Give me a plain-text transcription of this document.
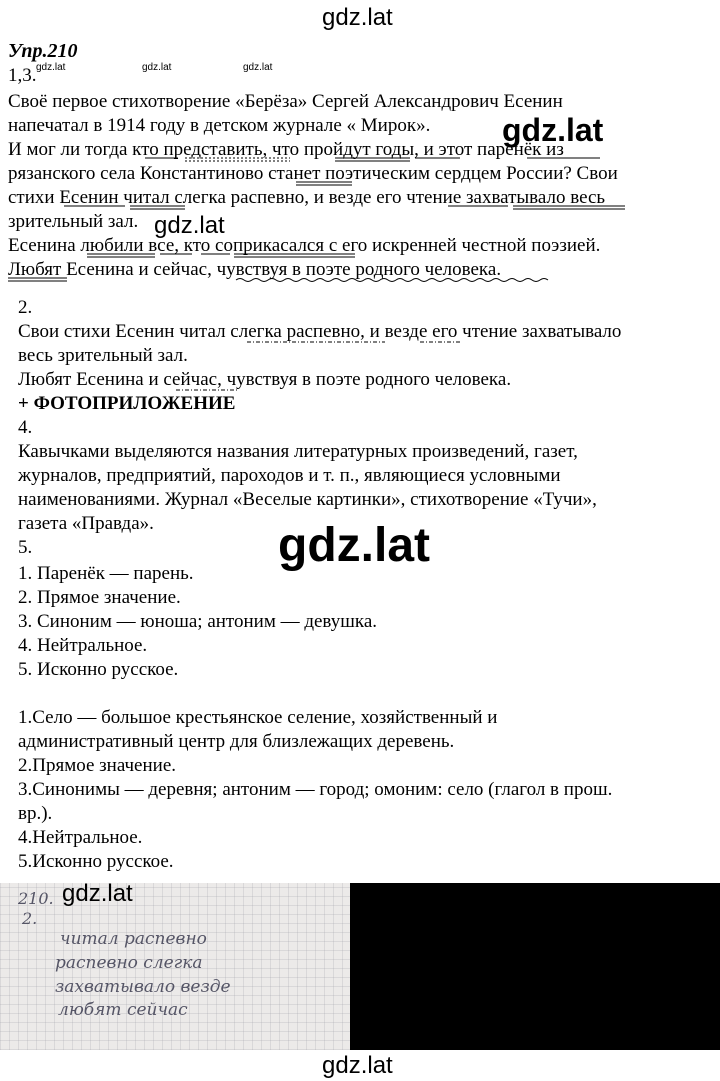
gdz.lat
gdz.lat	gdz.lat	gdz.lat
gdz.lat
gdz.lat
gdz.lat
Упр.210
1,3.
Своё первое стихотворение «Берёза» Сергей Александрович Есенин
напечатал в 1914 году в детском журнале « Мирок».
И мог ли тогда кто представить, что пройдут годы, и этот паренёк из
рязанского села Константиново станет поэтическим сердцем России? Свои
стихи Есенин читал слегка распевно, и везде его чтение захватывало весь
зрительный зал.
Есенина любили все, кто соприкасался с его искренней честной поэзией.
Любят Есенина и сейчас, чувствуя в поэте родного человека.
2.
Свои стихи Есенин читал слегка распевно, и везде его чтение захватывало
весь зрительный зал.
Любят Есенина и сейчас, чувствуя в поэте родного человека.
+ ФОТОПРИЛОЖЕНИЕ
4.
Кавычками выделяются названия литературных произведений, газет,
журналов, предприятий, пароходов и т. п., являющиеся условными
наименованиями. Журнал «Веселые картинки», стихотворение «Тучи»,
газета «Правда».
5.
1. Паренёк — парень.
2. Прямое значение.
3. Синоним — юноша; антоним — девушка.
4. Нейтральное.
5. Исконно русское.
1.Село — большое крестьянское селение, хозяйственный и
административный центр для близлежащих деревень.
2.Прямое значение.
3.Синонимы — деревня; антоним — город; омоним: село (глагол в прош.
вр.).
4.Нейтральное.
5.Исконно русское.
210.
2.
читал распевно
распевно слегка
захватывало везде
любят сейчас
gdz.lat
gdz.lat
